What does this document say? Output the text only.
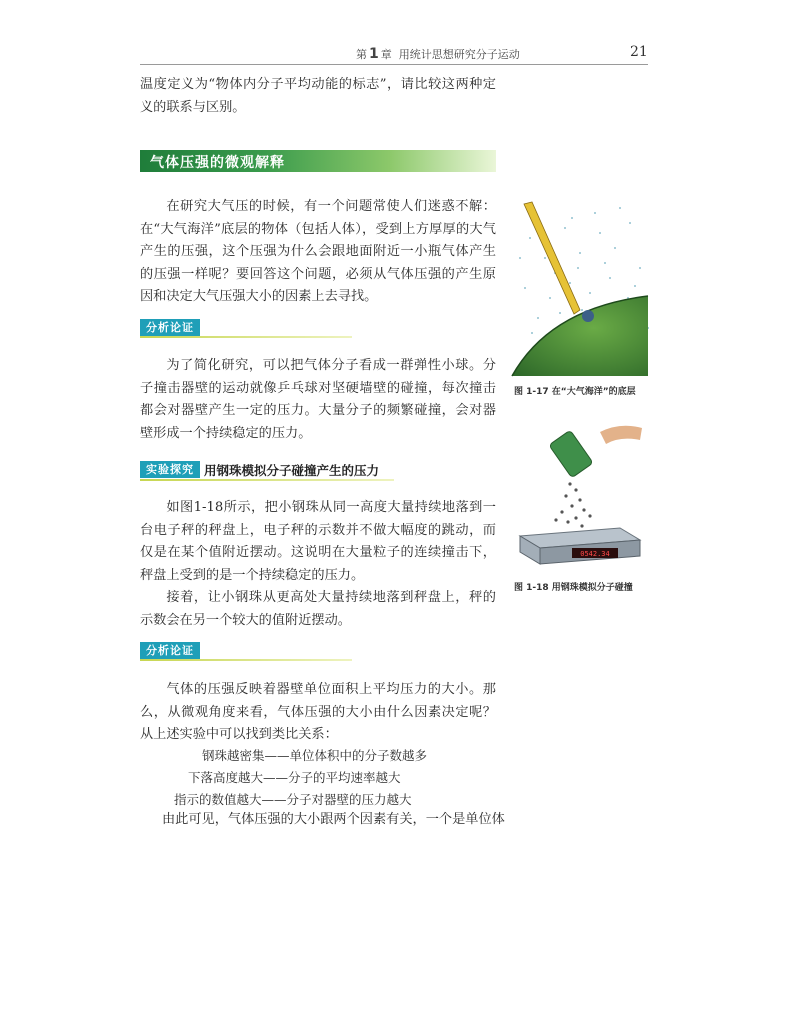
第 1 章 用统计思想研究分子运动	21

温度定义为“物体内分子平均动能的标志”，请比较这两种定义的联系与区别。

气体压强的微观解释

在研究大气压的时候，有一个问题常使人们迷惑不解：在“大气海洋”底层的物体（包括人体），受到上方厚厚的大气产生的压强，这个压强为什么会跟地面附近一小瓶气体产生的压强一样呢？要回答这个问题，必须从气体压强的产生原因和决定大气压强大小的因素上去寻找。

分析论证

为了简化研究，可以把气体分子看成一群弹性小球。分子撞击器壁的运动就像乒乓球对坚硬墙壁的碰撞，每次撞击都会对器壁产生一定的压力。大量分子的频繁碰撞，会对器壁形成一个持续稳定的压力。

实验探究 用钢珠模拟分子碰撞产生的压力

如图1-18所示，把小钢珠从同一高度大量持续地落到一台电子秤的秤盘上，电子秤的示数并不做大幅度的跳动，而仅是在某个值附近摆动。这说明在大量粒子的连续撞击下，秤盘上受到的是一个持续稳定的压力。

接着，让小钢珠从更高处大量持续地落到秤盘上，秤的示数会在另一个较大的值附近摆动。

分析论证

气体的压强反映着器壁单位面积上平均压力的大小。那么，从微观角度来看，气体压强的大小由什么因素决定呢？从上述实验中可以找到类比关系：

钢珠越密集——单位体积中的分子数越多
下落高度越大——分子的平均速率越大
指示的数值越大——分子对器壁的压力越大

由此可见，气体压强的大小跟两个因素有关，一个是单位体

图 1-17 在“大气海洋”的底层
0542.34
图 1-18 用钢珠模拟分子碰撞
